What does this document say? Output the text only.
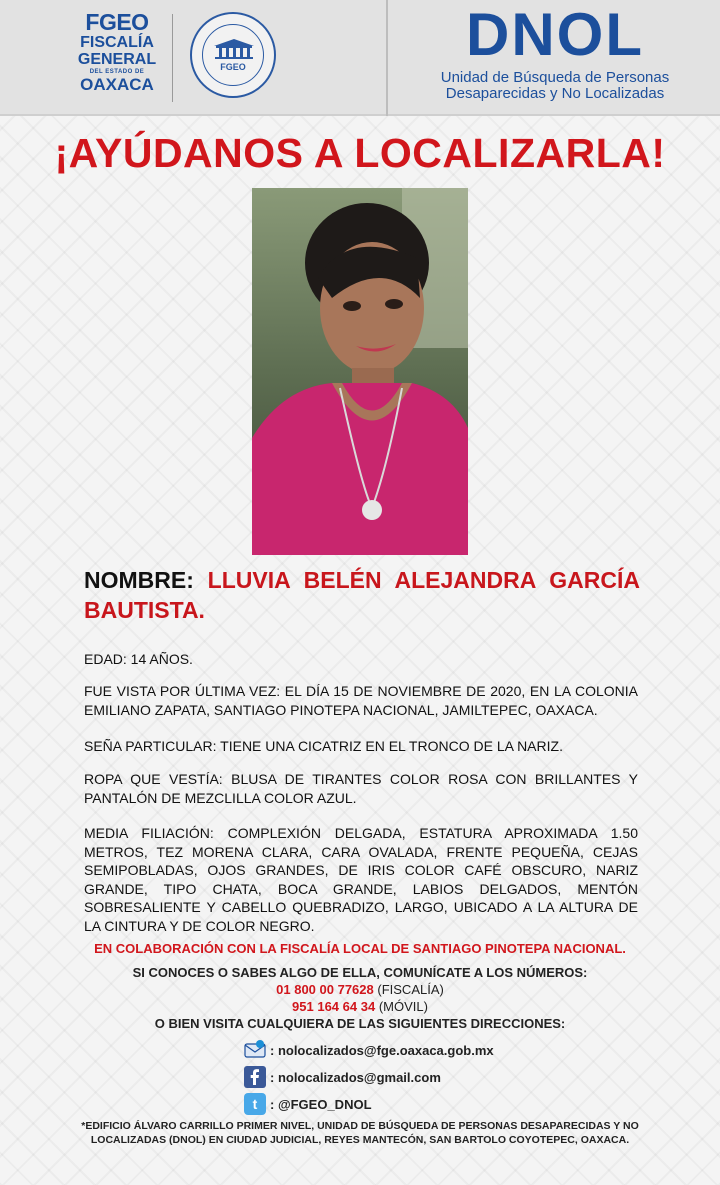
FGEO
FISCALÍA
GENERAL
DEL ESTADO DE
OAXACA
FGEO	DNOL
Unidad de Búsqueda de Personas
Desaparecidas y No Localizadas
¡AYÚDANOS A LOCALIZARLA!
NOMBRE: LLUVIA BELÉN ALEJANDRA GARCÍA BAUTISTA.
EDAD: 14 AÑOS.
FUE VISTA POR ÚLTIMA VEZ: EL DÍA 15 DE NOVIEMBRE DE 2020, EN LA COLONIA EMILIANO ZAPATA, SANTIAGO PINOTEPA NACIONAL, JAMILTEPEC, OAXACA.
SEÑA PARTICULAR: TIENE UNA CICATRIZ EN EL TRONCO DE LA NARIZ.
ROPA QUE VESTÍA: BLUSA DE TIRANTES COLOR ROSA CON BRILLANTES Y PANTALÓN DE MEZCLILLA COLOR AZUL.
MEDIA FILIACIÓN: COMPLEXIÓN DELGADA, ESTATURA APROXIMADA 1.50 METROS, TEZ MORENA CLARA, CARA OVALADA, FRENTE PEQUEÑA, CEJAS SEMIPOBLADAS, OJOS GRANDES, DE IRIS COLOR CAFÉ OBSCURO, NARIZ GRANDE, TIPO CHATA, BOCA GRANDE, LABIOS DELGADOS, MENTÓN SOBRESALIENTE Y CABELLO QUEBRADIZO, LARGO, UBICADO A LA ALTURA DE LA CINTURA Y DE COLOR NEGRO.
EN COLABORACIÓN CON LA FISCALÍA LOCAL DE SANTIAGO PINOTEPA NACIONAL.
SI CONOCES O SABES ALGO DE ELLA, COMUNÍCATE A LOS NÚMEROS:
01 800 00 77628 (FISCALÍA)
951 164 64 34 (MÓVIL)
O BIEN VISITA CUALQUIERA DE LAS SIGUIENTES DIRECCIONES:
: nolocalizados@fge.oaxaca.gob.mx
: nolocalizados@gmail.com
t : @FGEO_DNOL
*EDIFICIO ÁLVARO CARRILLO PRIMER NIVEL, UNIDAD DE BÚSQUEDA DE PERSONAS DESAPARECIDAS Y NO LOCALIZADAS (DNOL) EN CIUDAD JUDICIAL, REYES MANTECÓN, SAN BARTOLO COYOTEPEC, OAXACA.
